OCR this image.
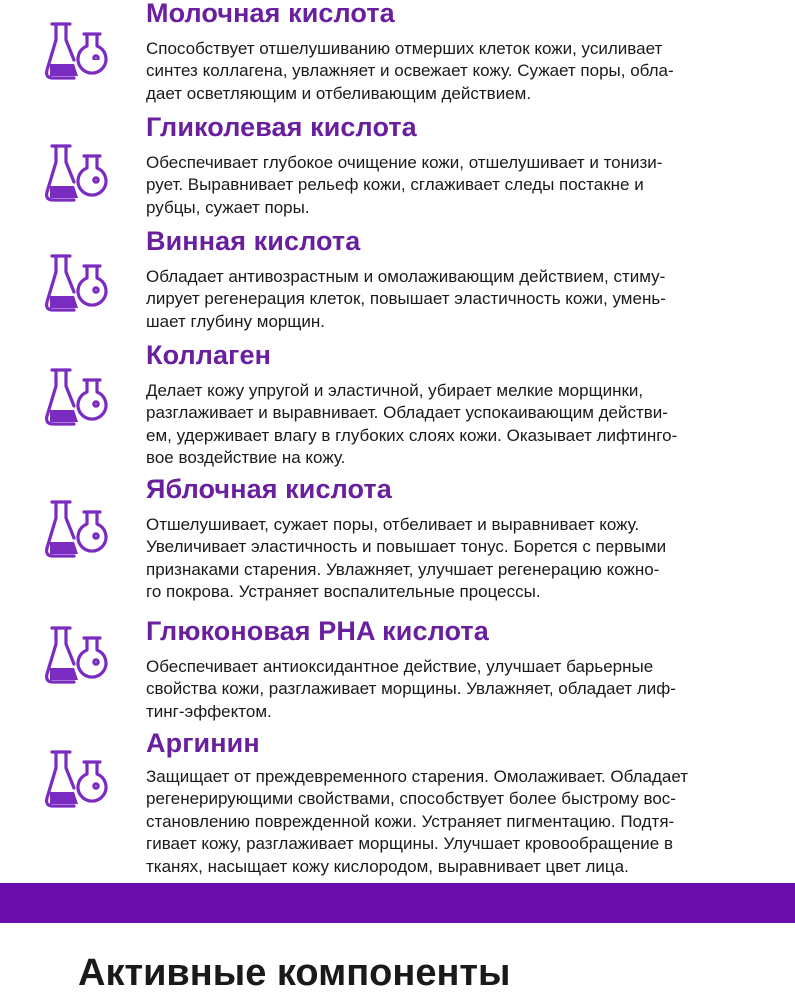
Молочная кислота

Способствует отшелушиванию отмерших клеток кожи, усиливает
синтез коллагена, увлажняет и освежает кожу. Сужает поры, обла-
дает осветляющим и отбеливающим действием.

Гликолевая кислота

Обеспечивает глубокое очищение кожи, отшелушивает и тонизи-
рует. Выравнивает рельеф кожи, сглаживает следы постакне и
рубцы, сужает поры.

Винная кислота

Обладает антивозрастным и омолаживающим действием, стиму-
лирует регенерация клеток, повышает эластичность кожи, умень-
шает глубину морщин.

Коллаген

Делает кожу упругой и эластичной, убирает мелкие морщинки,
разглаживает и выравнивает. Обладает успокаивающим действи-
ем, удерживает влагу в глубоких слоях кожи. Оказывает лифтинго-
вое воздействие на кожу.

Яблочная кислота

Отшелушивает, сужает поры, отбеливает и выравнивает кожу.
Увеличивает эластичность и повышает тонус. Борется с первыми
признаками старения. Увлажняет, улучшает регенерацию кожно-
го покрова. Устраняет воспалительные процессы.

Глюконовая PHA кислота

Обеспечивает антиоксидантное действие, улучшает барьерные
свойства кожи, разглаживает морщины. Увлажняет, обладает лиф-
тинг-эффектом.

Аргинин

Защищает от преждевременного старения. Омолаживает. Обладает
регенерирующими свойствами, способствует более быстрому вос-
становлению поврежденной кожи. Устраняет пигментацию. Подтя-
гивает кожу, разглаживает морщины. Улучшает кровообращение в
тканях, насыщает кожу кислородом, выравнивает цвет лица.

Активные компоненты
